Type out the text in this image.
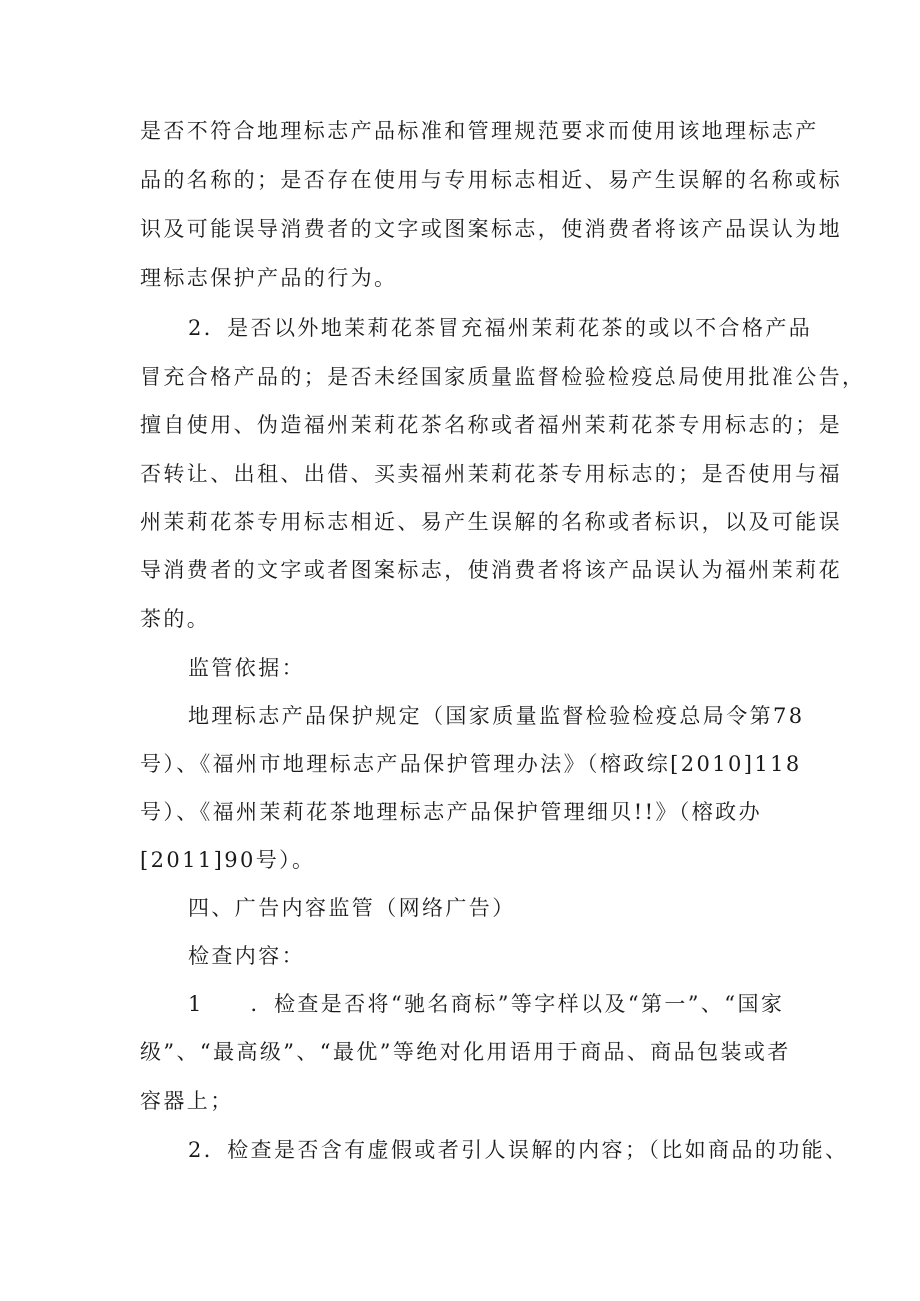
是否不符合地理标志产品标准和管理规范要求而使用该地理标志产
品的名称的；是否存在使用与专用标志相近、易产生误解的名称或标
识及可能误导消费者的文字或图案标志，使消费者将该产品误认为地
理标志保护产品的行为。
2．是否以外地茉莉花茶冒充福州茉莉花茶的或以不合格产品
冒充合格产品的；是否未经国家质量监督检验检疫总局使用批准公告，
擅自使用、伪造福州茉莉花茶名称或者福州茉莉花茶专用标志的；是
否转让、出租、出借、买卖福州茉莉花茶专用标志的；是否使用与福
州茉莉花茶专用标志相近、易产生误解的名称或者标识，以及可能误
导消费者的文字或者图案标志，使消费者将该产品误认为福州茉莉花
茶的。
监管依据：
地理标志产品保护规定（国家质量监督检验检疫总局令第78
号）、《福州市地理标志产品保护管理办法》（榕政综[2010]118
号）、《福州茉莉花茶地理标志产品保护管理细贝!!》（榕政办
[2011]90号）。
四、广告内容监管（网络广告）
检查内容：
1　　．检查是否将“驰名商标”等字样以及“第一”、“国家
级”、“最高级”、“最优”等绝对化用语用于商品、商品包装或者
容器上；
2．检查是否含有虚假或者引人误解的内容；（比如商品的功能、
